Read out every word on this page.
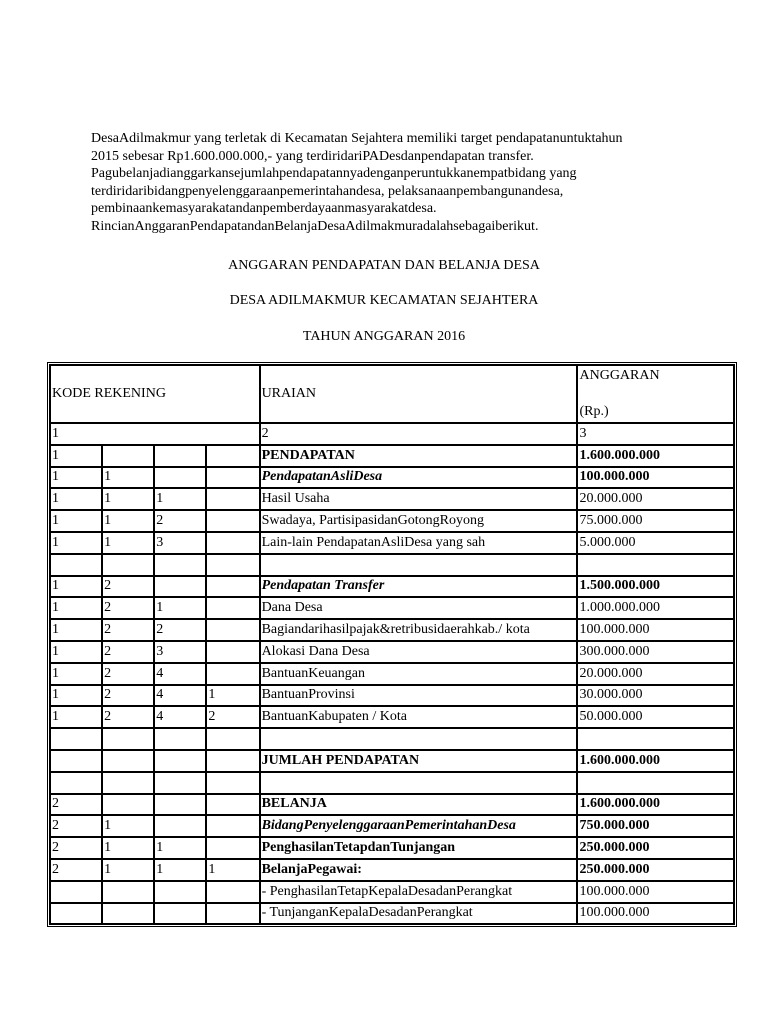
DesaAdilmakmur yang terletak di Kecamatan Sejahtera memiliki target pendapatanuntuktahun

2015 sebesar Rp1.600.000.000,- yang terdiridariPADesdanpendapatan transfer.

Pagubelanjadianggarkansejumlahpendapatannyadenganperuntukkanempatbidang yang

terdiridaribidangpenyelenggaraanpemerintahandesa, pelaksanaanpembangunandesa,

pembinaankemasyarakatandanpemberdayaanmasyarakatdesa.

RincianAnggaranPendapatandanBelanjaDesaAdilmakmuradalahsebagaiberikut.

ANGGARAN PENDAPATAN DAN BELANJA DESA
DESA ADILMAKMUR KECAMATAN SEJAHTERA
TAHUN ANGGARAN 2016
KODE REKENING				URAIAN	ANGGARAN
(Rp.)

1				2	3
1				PENDAPATAN	1.600.000.000
1	1			PendapatanAsliDesa	100.000.000
1	1	1		Hasil Usaha	20.000.000
1	1	2		Swadaya, PartisipasidanGotongRoyong	75.000.000
1	1	3		Lain-lain PendapatanAsliDesa yang sah	5.000.000

1	2			Pendapatan Transfer	1.500.000.000
1	2	1		Dana Desa	1.000.000.000
1	2	2		Bagiandarihasilpajak&retribusidaerahkab./ kota	100.000.000
1	2	3		Alokasi Dana Desa	300.000.000
1	2	4		BantuanKeuangan	20.000.000
1	2	4	1	BantuanProvinsi	30.000.000
1	2	4	2	BantuanKabupaten / Kota	50.000.000

				JUMLAH PENDAPATAN	1.600.000.000

2				BELANJA	1.600.000.000
2	1			BidangPenyelenggaraanPemerintahanDesa	750.000.000
2	1	1		PenghasilanTetapdanTunjangan	250.000.000
2	1	1	1	BelanjaPegawai:	250.000.000
				- PenghasilanTetapKepalaDesadanPerangkat	100.000.000
				- TunjanganKepalaDesadanPerangkat	100.000.000
